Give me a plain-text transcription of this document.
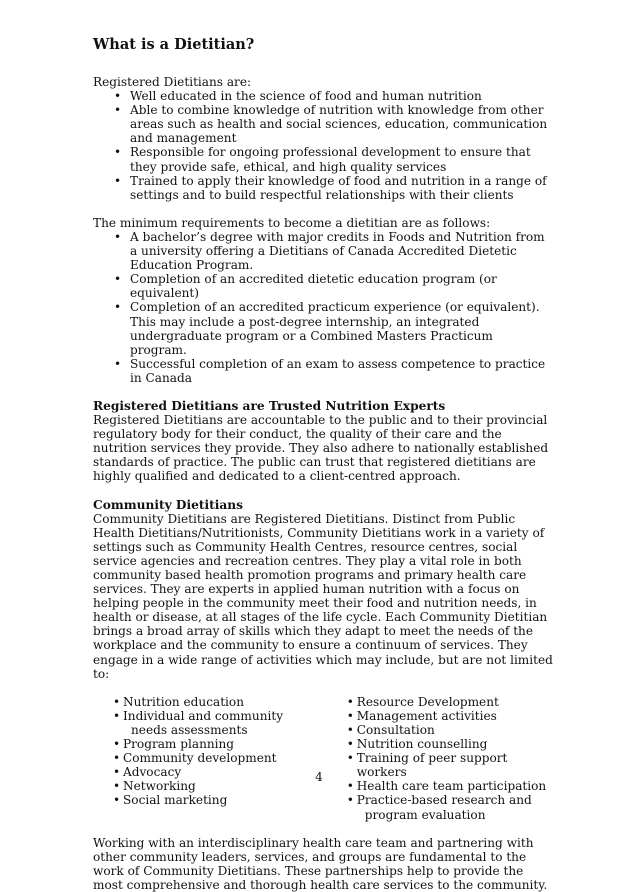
What is a Dietitian?

Registered Dietitians are:

• Well educated in the science of food and human nutrition
• Able to combine knowledge of nutrition with knowledge from other areas such as health and social sciences, education, communication and management
• Responsible for ongoing professional development to ensure that they provide safe, ethical, and high quality services
• Trained to apply their knowledge of food and nutrition in a range of settings and to build respectful relationships with their clients

The minimum requirements to become a dietitian are as follows:

• A bachelor’s degree with major credits in Foods and Nutrition from a university offering a Dietitians of Canada Accredited Dietetic Education Program.
• Completion of an accredited dietetic education program (or equivalent)
• Completion of an accredited practicum experience (or equivalent). This may include a post-degree internship, an integrated undergraduate program or a Combined Masters Practicum program.
• Successful completion of an exam to assess competence to practice in Canada
Registered Dietitians are Trusted Nutrition Experts

Registered Dietitians are accountable to the public and to their provincial regulatory body for their conduct, the quality of their care and the nutrition services they provide. They also adhere to nationally established standards of practice. The public can trust that registered dietitians are highly qualified and dedicated to a client-centred approach.

Community Dietitians

Community Dietitians are Registered Dietitians. Distinct from Public Health Dietitians/Nutritionists, Community Dietitians work in a variety of settings such as Community Health Centres, resource centres, social service agencies and recreation centres. They play a vital role in both community based health promotion programs and primary health care services. They are experts in applied human nutrition with a focus on helping people in the community meet their food and nutrition needs, in health or disease, at all stages of the life cycle. Each Community Dietitian brings a broad array of skills which they adapt to meet the needs of the workplace and the community to ensure a continuum of services. They engage in a wide range of activities which may include, but are not limited to:

• Nutrition education
• Individual and community
needs assessments
• Program planning
• Community development
• Advocacy
• Networking
• Social marketing
• Resource Development
• Management activities
• Consultation
• Nutrition counselling
• Training of peer support workers
• Health care team participation
• Practice-based research and
program evaluation

Working with an interdisciplinary health care team and partnering with other community leaders, services, and groups are fundamental to the work of Community Dietitians. These partnerships help to provide the most comprehensive and thorough health care services to the community.

4
